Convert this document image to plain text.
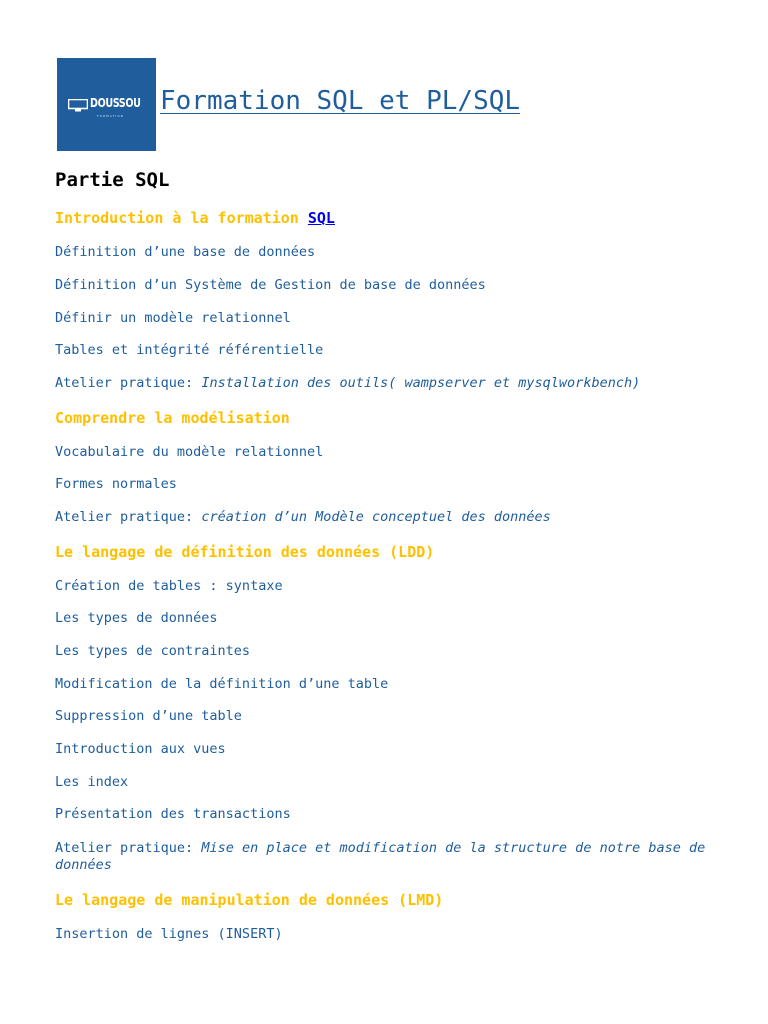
DOUSSOU
FORMATION Formation SQL et PL/SQL
Partie SQL
Introduction à la formation SQL

Définition d’une base de données

Définition d’un Système de Gestion de base de données

Définir un modèle relationnel

Tables et intégrité référentielle

Atelier pratique: Installation des outils( wampserver et mysqlworkbench)

Comprendre la modélisation

Vocabulaire du modèle relationnel

Formes normales

Atelier pratique: création d’un Modèle conceptuel des données

Le langage de définition des données (LDD)

Création de tables : syntaxe

Les types de données

Les types de contraintes

Modification de la définition d’une table

Suppression d’une table

Introduction aux vues

Les index

Présentation des transactions

Atelier pratique: Mise en place et modification de la structure de notre base de données

Le langage de manipulation de données (LMD)

Insertion de lignes (INSERT)
